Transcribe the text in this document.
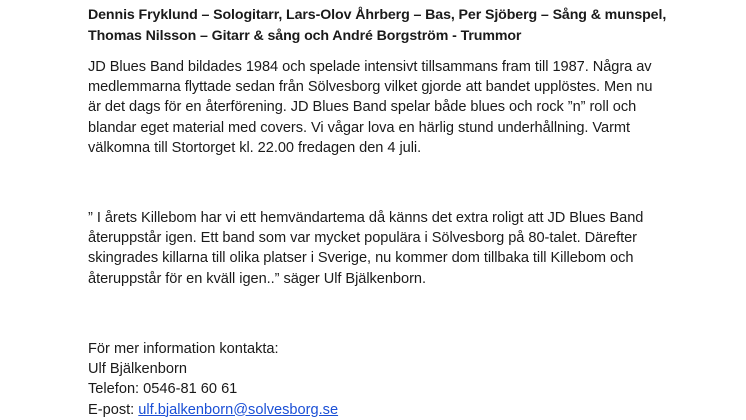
Dennis Fryklund – Sologitarr, Lars-Olov Åhrberg – Bas, Per Sjöberg – Sång & munspel,
Thomas Nilsson – Gitarr & sång och André Borgström - Trummor

JD Blues Band bildades 1984 och spelade intensivt tillsammans fram till 1987. Några av
medlemmarna flyttade sedan från Sölvesborg vilket gjorde att bandet upplöstes. Men nu
är det dags för en återförening. JD Blues Band spelar både blues och rock ”n” roll och
blandar eget material med covers. Vi vågar lova en härlig stund underhållning. Varmt
välkomna till Stortorget kl. 22.00 fredagen den 4 juli.

” I årets Killebom har vi ett hemvändartema då känns det extra roligt att JD Blues Band
återuppstår igen. Ett band som var mycket populära i Sölvesborg på 80-talet. Därefter
skingrades killarna till olika platser i Sverige, nu kommer dom tillbaka till Killebom och
återuppstår för en kväll igen..” säger Ulf Bjälkenborn.

För mer information kontakta:
Ulf Bjälkenborn
Telefon: 0546-81 60 61
E-post: ulf.bjalkenborn@solvesborg.se
